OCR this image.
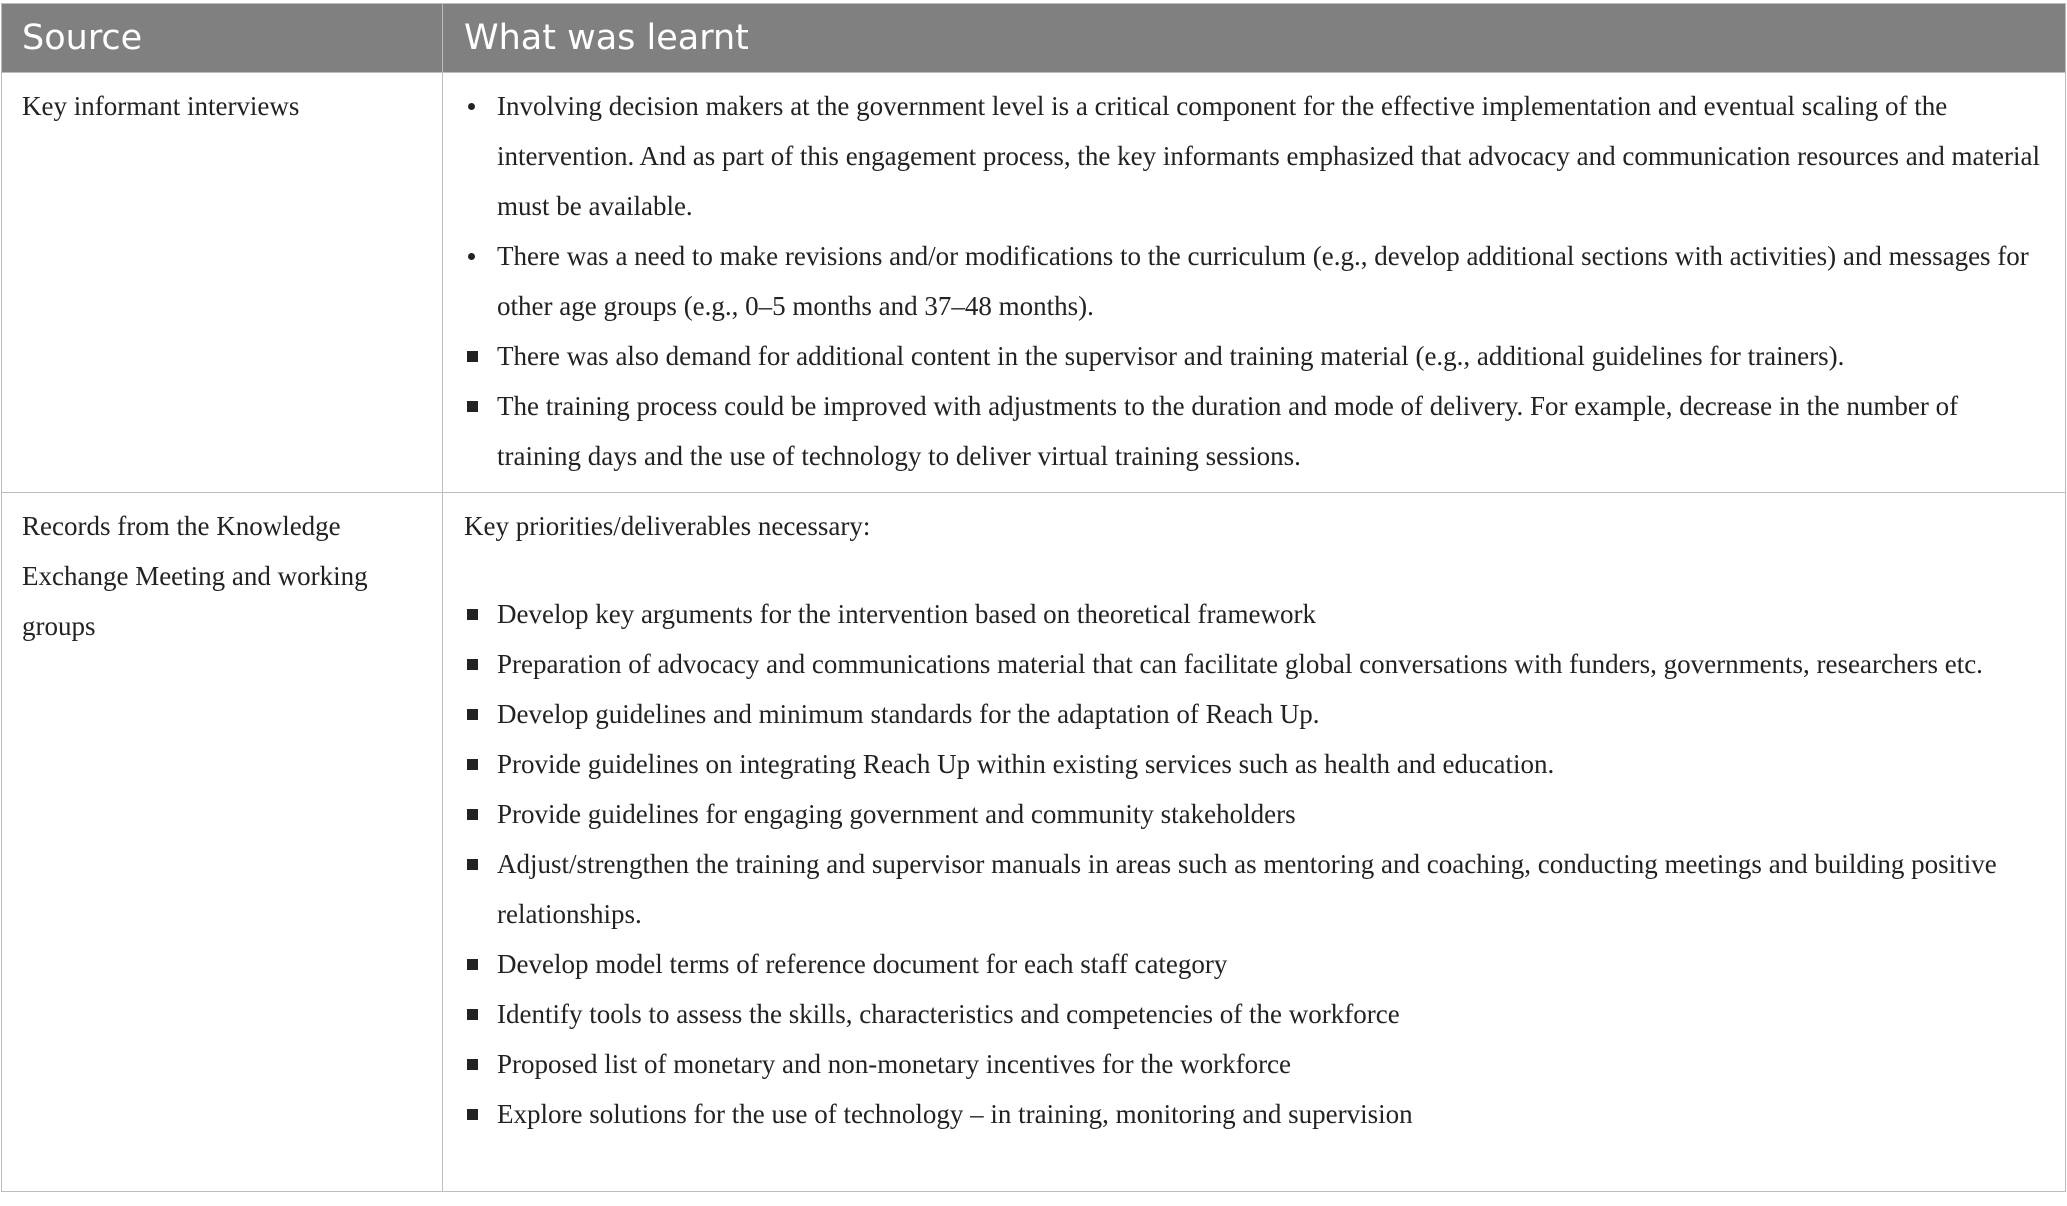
Source	What was learnt
Key informant interviews	Involving decision makers at the government level is a critical component for the effective implementation and eventual scaling of the intervention. And as part of this engagement process, the key informants emphasized that advocacy and communication resources and material must be available.
There was a need to make revisions and/or modifications to the curriculum (e.g., develop additional sections with activities) and messages for other age groups (e.g., 0–5 months and 37–48 months).
There was also demand for additional content in the supervisor and training material (e.g., additional guidelines for trainers).
The training process could be improved with adjustments to the duration and mode of delivery. For example, decrease in the number of training days and the use of technology to deliver virtual training sessions.
Records from the Knowledge Exchange Meeting and working groups
Key priorities/deliverables necessary:
Develop key arguments for the intervention based on theoretical framework
Preparation of advocacy and communications material that can facilitate global conversations with funders, governments, researchers etc.
Develop guidelines and minimum standards for the adaptation of Reach Up.
Provide guidelines on integrating Reach Up within existing services such as health and education.
Provide guidelines for engaging government and community stakeholders
Adjust/strengthen the training and supervisor manuals in areas such as mentoring and coaching, conducting meetings and building positive relationships.
Develop model terms of reference document for each staff category
Identify tools to assess the skills, characteristics and competencies of the workforce
Proposed list of monetary and non-monetary incentives for the workforce
Explore solutions for the use of technology – in training, monitoring and supervision
